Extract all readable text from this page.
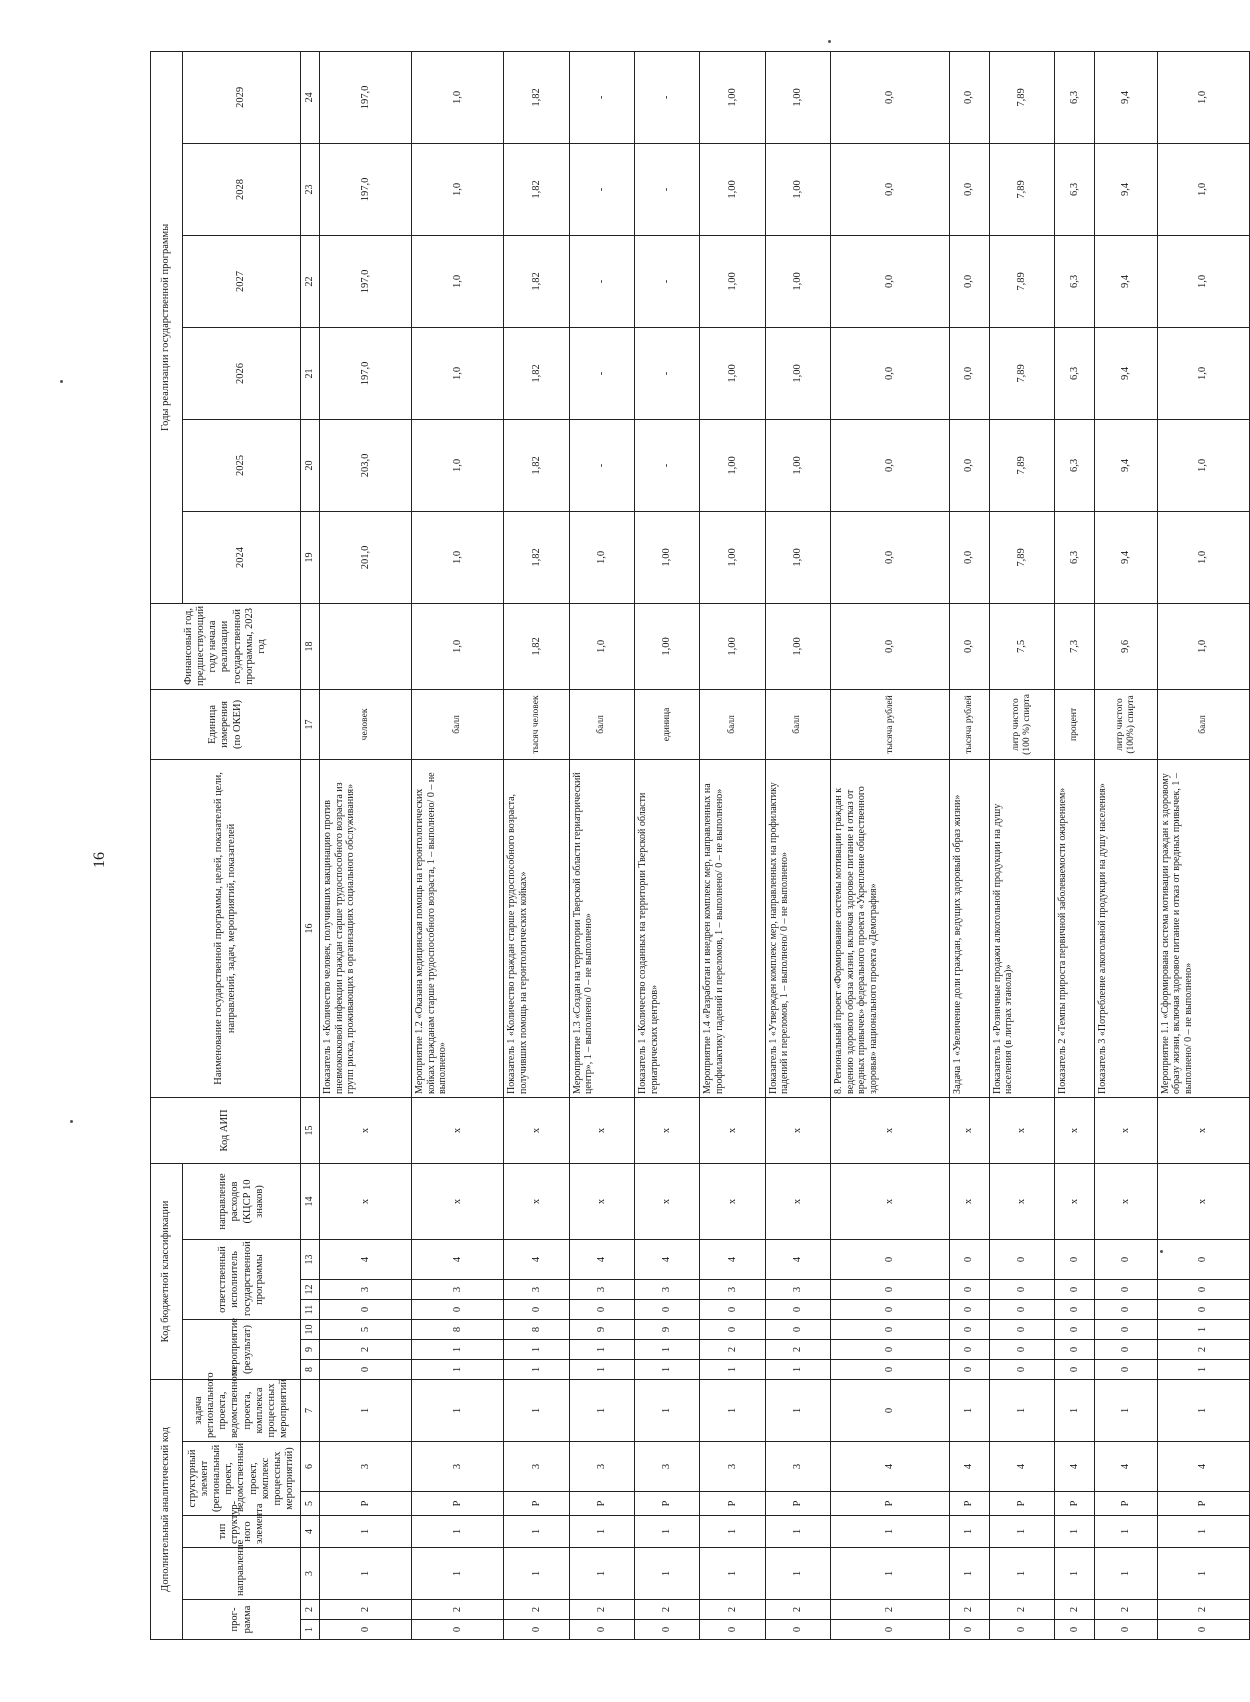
16
Дополнительный аналитический код							Код бюджетной классификации							Код АИП	Наименование государственной программы, целей, показателей цели, направлений, задач, мероприятий, показателей	Единица измерения (по ОКЕИ)	Финансовый год, предшествующий году начала реализации государственной программы, 2023 год	Годы реализации государственной программы					
прог-рамма		направление	тип структур-ного элемента	структурный элемент (региональный проект, ведомственный проект, комплекс процессных мероприятий)		задача регионального проекта, ведомственного проекта, комплекса процессных мероприятий	мероприятие (результат)			ответственный исполнитель государственной программы			направление расходов (КЦСР 10 знаков)					2024	2025	2026	2027	2028	2029
1	2	3	4	5	6	7	8	9	10	11	12	13	14	15	16	17	18	19	20	21	22	23	24
0	2	1	1	Р	3	1	0	2	5	0	3	4	х	х	Показатель 1 «Количество человек, получивших вакцинацию против пневмококковой инфекции граждан старше трудоспособного возраста из групп риска, проживающих в организациях социального обслуживания»	человек		201,0	203,0	197,0	197,0	197,0	197,0
0	2	1	1	Р	3	1	1	1	8	0	3	4	х	х	Мероприятие 1.2 «Оказана медицинская помощь на геронтологических койках гражданам старше трудоспособного возраста, 1 – выполнено/ 0 – не выполнено»	балл	1,0	1,0	1,0	1,0	1,0	1,0	1,0
0	2	1	1	Р	3	1	1	1	8	0	3	4	х	х	Показатель 1 «Количество граждан старше трудоспособного возраста, получивших помощь на геронтологических койках»	тысяч человек	1,82	1,82	1,82	1,82	1,82	1,82	1,82
0	2	1	1	Р	3	1	1	1	9	0	3	4	х	х	Мероприятие 1.3 «Создан на территории Тверской области гериатрический центр», 1 – выполнено/ 0 – не выполнено»	балл	1,0	1,0	-	-	-	-	-
0	2	1	1	Р	3	1	1	1	9	0	3	4	х	х	Показатель 1 «Количество созданных на территории Тверской области гериатрических центров»	единица	1,00	1,00	-	-	-	-	-
0	2	1	1	Р	3	1	1	2	0	0	3	4	х	х	Мероприятие 1.4 «Разработан и внедрен комплекс мер, направленных на профилактику падений и переломов, 1 – выполнено/ 0 – не выполнено»	балл	1,00	1,00	1,00	1,00	1,00	1,00	1,00
0	2	1	1	Р	3	1	1	2	0	0	3	4	х	х	Показатель 1 «Утвержден комплекс мер, направленных на профилактику падений и переломов, 1 – выполнено/ 0 – не выполнено»	балл	1,00	1,00	1,00	1,00	1,00	1,00	1,00
0	2	1	1	Р	4	0	0	0	0	0	0	0	х	х	8. Региональный проект «Формирование системы мотивации граждан к ведению здорового образа жизни, включая здоровое питание и отказ от вредных привычек» федерального проекта «Укрепление общественного здоровья» национального проекта «Демография»	тысяча рублей	0,0	0,0	0,0	0,0	0,0	0,0	0,0
0	2	1	1	Р	4	1	0	0	0	0	0	0	х	х	Задача 1 «Увеличение доли граждан, ведущих здоровый образ жизни»	тысяча рублей	0,0	0,0	0,0	0,0	0,0	0,0	0,0
0	2	1	1	Р	4	1	0	0	0	0	0	0	х	х	Показатель 1 «Розничные продажи алкогольной продукции на душу населения (в литрах этанола)»	литр чистого (100 %) спирта	7,5	7,89	7,89	7,89	7,89	7,89	7,89
0	2	1	1	Р	4	1	0	0	0	0	0	0	х	х	Показатель 2 «Темпы прироста первичной заболеваемости ожирением»	процент	7,3	6,3	6,3	6,3	6,3	6,3	6,3
0	2	1	1	Р	4	1	0	0	0	0	0	0	х	х	Показатель 3 «Потребление алкогольной продукции на душу населения»	литр чистого (100%) спирта	9,6	9,4	9,4	9,4	9,4	9,4	9,4
0	2	1	1	Р	4	1	1	2	1	0	0	0	х	х	Мероприятие 1.1 «Сформирована система мотивации граждан к здоровому образу жизни, включая здоровое питание и отказ от вредных привычек, 1 – выполнено/ 0 – не выполнено»	балл	1,0	1,0	1,0	1,0	1,0	1,0	1,0
